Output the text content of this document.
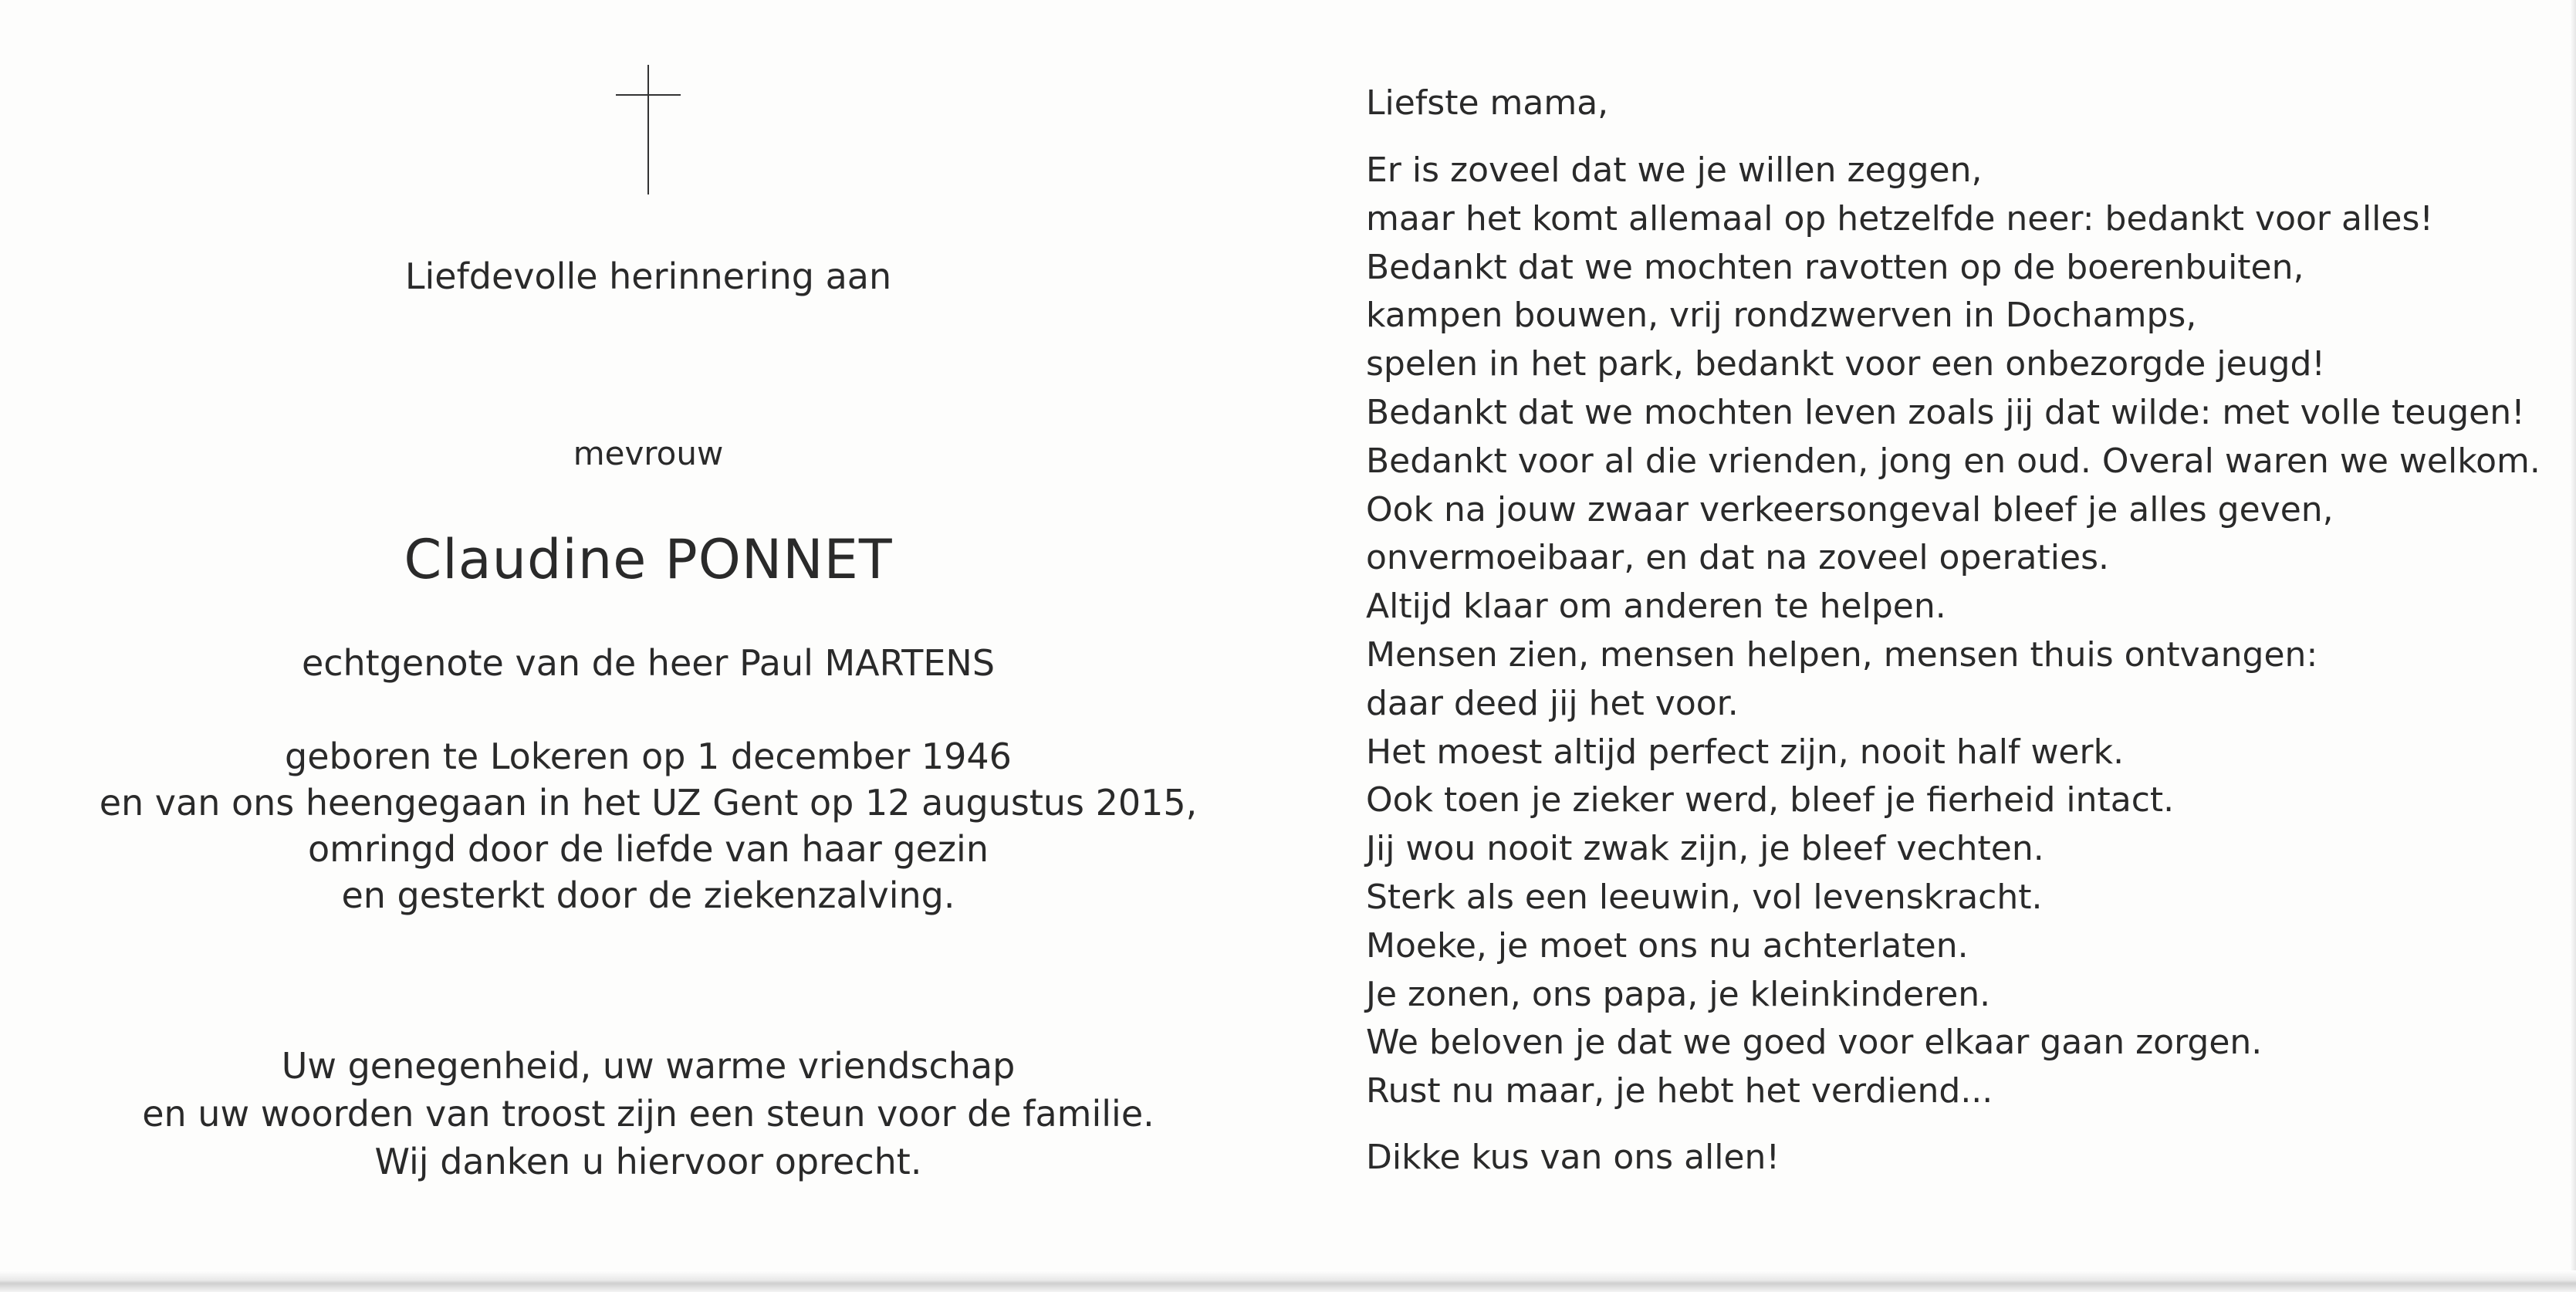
Liefdevolle herinnering aan
mevrouw
Claudine PONNET
echtgenote van de heer Paul MARTENS
geboren te Lokeren op 1 december 1946
en van ons heengegaan in het UZ Gent op 12 augustus 2015,
omringd door de liefde van haar gezin
en gesterkt door de ziekenzalving.
Uw genegenheid, uw warme vriendschap
en uw woorden van troost zijn een steun voor de familie.
Wij danken u hiervoor oprecht.
Liefste mama,
Er is zoveel dat we je willen zeggen,
maar het komt allemaal op hetzelfde neer: bedankt voor alles!
Bedankt dat we mochten ravotten op de boerenbuiten,
kampen bouwen, vrij rondzwerven in Dochamps,
spelen in het park, bedankt voor een onbezorgde jeugd!
Bedankt dat we mochten leven zoals jij dat wilde: met volle teugen!
Bedankt voor al die vrienden, jong en oud. Overal waren we welkom.
Ook na jouw zwaar verkeersongeval bleef je alles geven,
onvermoeibaar, en dat na zoveel operaties.
Altijd klaar om anderen te helpen.
Mensen zien, mensen helpen, mensen thuis ontvangen:
daar deed jij het voor.
Het moest altijd perfect zijn, nooit half werk.
Ook toen je zieker werd, bleef je fierheid intact.
Jij wou nooit zwak zijn, je bleef vechten.
Sterk als een leeuwin, vol levenskracht.
Moeke, je moet ons nu achterlaten.
Je zonen, ons papa, je kleinkinderen.
We beloven je dat we goed voor elkaar gaan zorgen.
Rust nu maar, je hebt het verdiend...
Dikke kus van ons allen!
